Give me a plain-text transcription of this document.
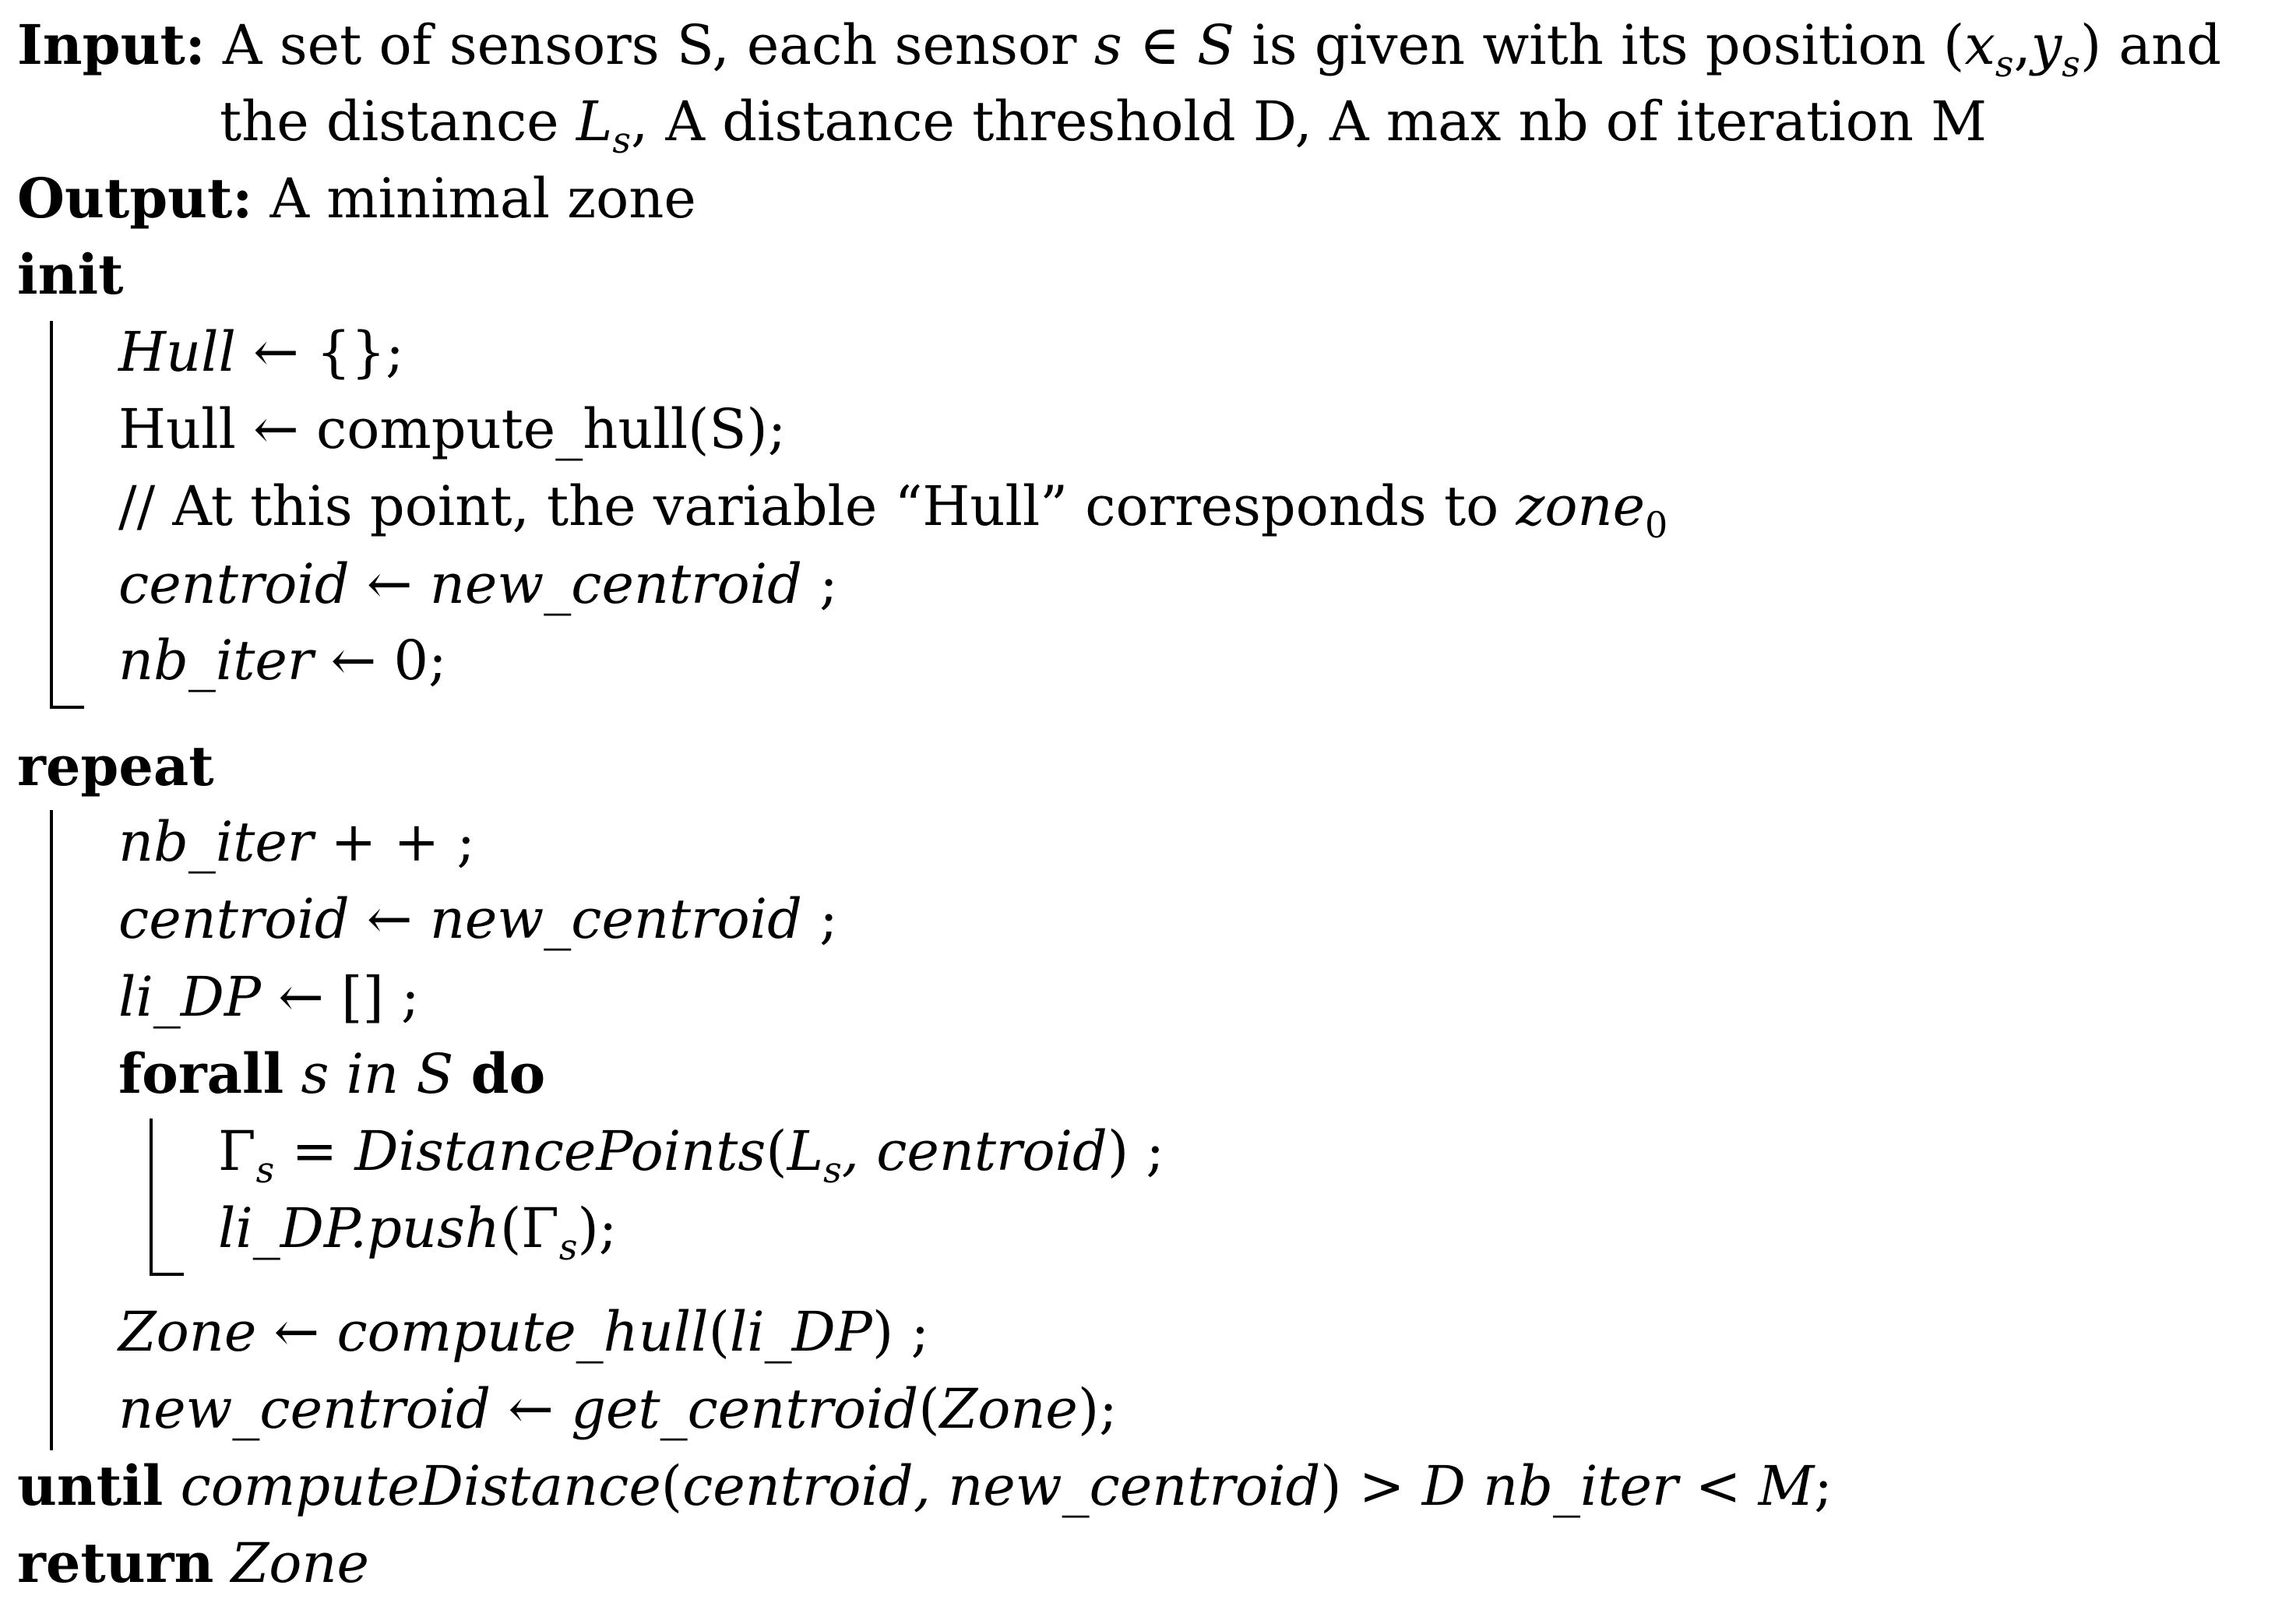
Input: A set of sensors S, each sensor s ∈ S is given with its position $(x_s,y_s)$ and
the distance $L_s$, A distance threshold D, A max nb of iteration M
Output: A minimal zone
init
Hull ← {};
Hull ← compute_hull(S);
// At this point, the variable “Hull” corresponds to zone$_0$
centroid ← new_centroid ;
nb_iter ← 0;
repeat
nb_iter + + ;
centroid ← new_centroid ;
li_DP ← [] ;
forall s in S do
$\Gamma_s$ = $DistancePoints(L_s$, centroid) ;
$li\_DP.push(\Gamma_s)$;
Zone ← compute_hull(li_DP) ;
new_centroid ← get_centroid(Zone);
until computeDistance(centroid, new_centroid) > D nb_iter < M;
return Zone
